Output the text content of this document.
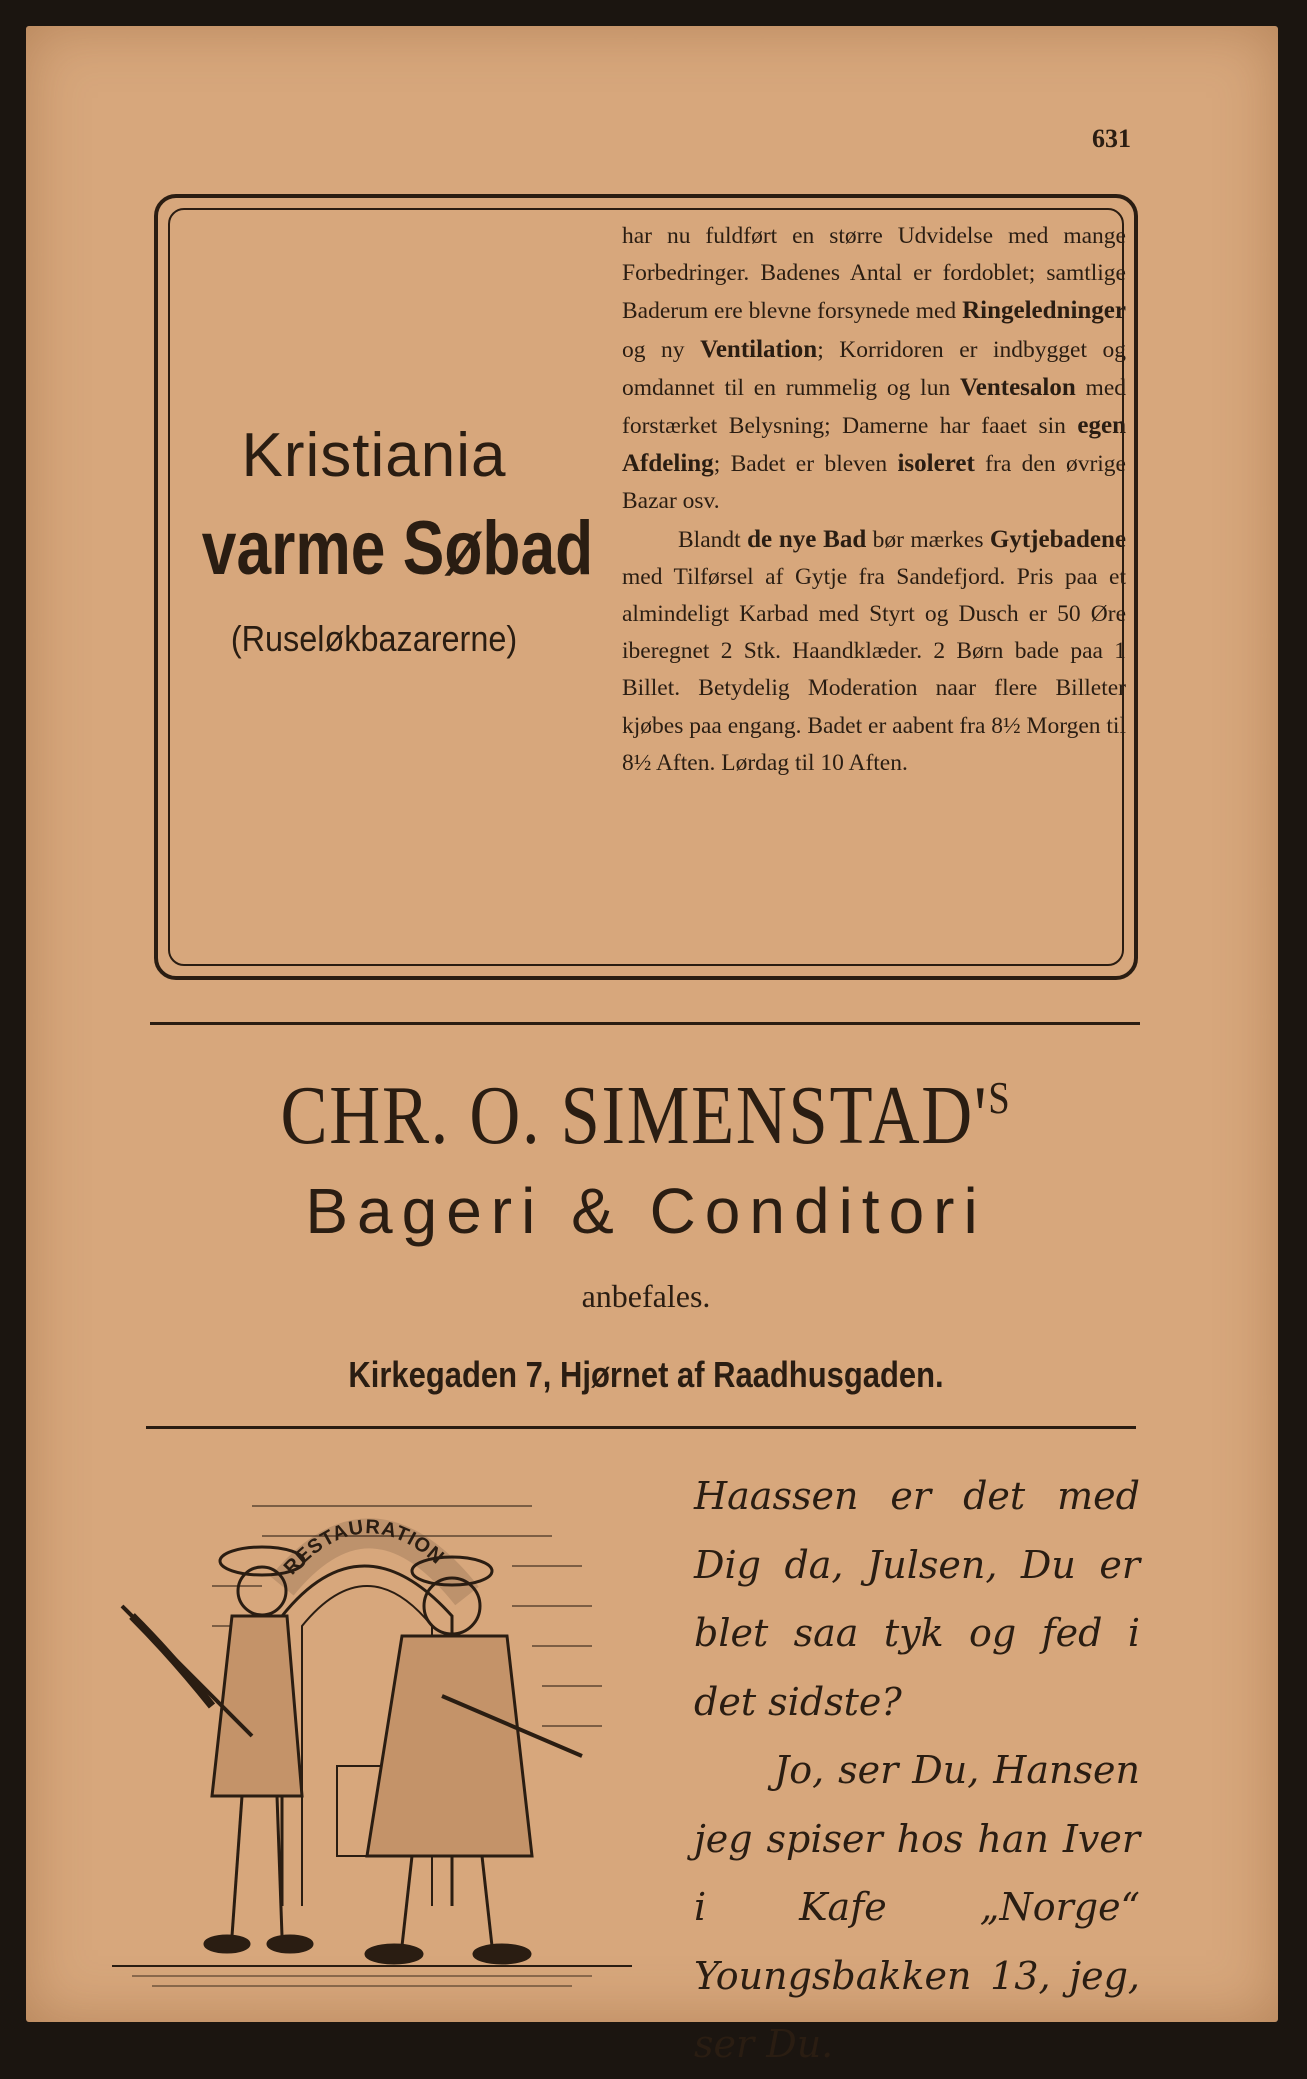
631
Kristiania
varme Søbad
(Ruseløkbazarerne)

har nu fuldført en større Udvidelse med mange Forbedringer. Badenes Antal er fordoblet; samtlige Baderum ere blevne forsynede med Ringeledninger og ny Ventilation; Korridoren er indbygget og omdannet til en rummelig og lun Ventesalon med forstærket Belysning; Damerne har faaet sin egen Afdeling; Badet er bleven isoleret fra den øvrige Bazar osv.

Blandt de nye Bad bør mærkes Gytjebadene med Tilførsel af Gytje fra Sandefjord. Pris paa et almindeligt Karbad med Styrt og Dusch er 50 Øre iberegnet 2 Stk. Haandklæder. 2 Børn bade paa 1 Billet. Betydelig Moderation naar flere Billeter kjøbes paa engang. Badet er aabent fra 8½ Morgen til 8½ Aften. Lørdag til 10 Aften.

CHR. O. $SIMENSTAD'^S$
Bageri & Conditori
anbefales.
Kirkegaden 7, Hjørnet af Raadhusgaden.
RESTAURATION

Haassen er det med Dig da, Julsen, Du er blet saa tyk og fed i det sidste?

Jo, ser Du, Hansen jeg spiser hos han Iver i Kafe „Norge“ Youngsbakken 13, jeg, ser Du.
